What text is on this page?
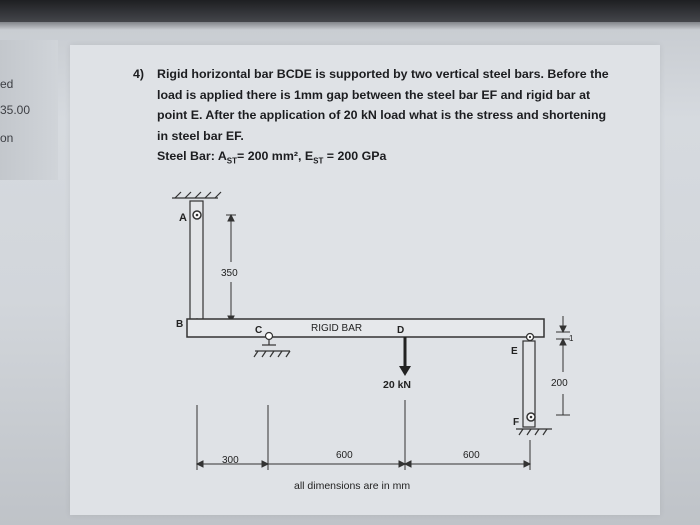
ed
35.00
on
4) Rigid horizontal bar BCDE is supported by two vertical steel bars. Before the
load is applied there is 1mm gap between the steel bar EF and rigid bar at
point E. After the application of 20 kN load what is the stress and shortening
in steel bar EF.
Steel Bar: $A_{ST}= 200$ mm², $E_{ST} = 200$ GPa
A
B
350
RIGID BAR
C	D
20 kN
E
F
1
200
300	600	600
all dimensions are in mm
